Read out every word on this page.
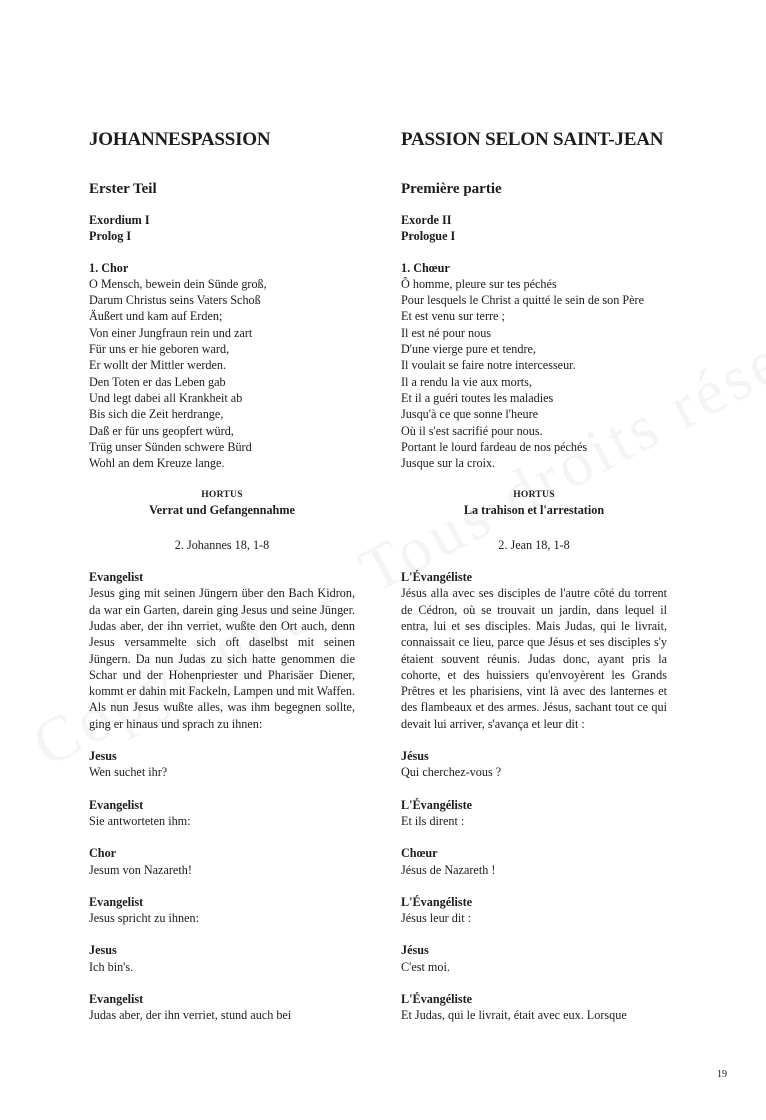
JOHANNESPASSION
Erster Teil
Exordium I
Prolog I
1. Chor
O Mensch, bewein dein Sünde groß,
Darum Christus seins Vaters Schoß
Äußert und kam auf Erden;
Von einer Jungfraun rein und zart
Für uns er hie geboren ward,
Er wollt der Mittler werden.
Den Toten er das Leben gab
Und legt dabei all Krankheit ab
Bis sich die Zeit herdrange,
Daß er für uns geopfert würd,
Trüg unser Sünden schwere Bürd
Wohl an dem Kreuze lange.
HORTUS
Verrat und Gefangennahme
2. Johannes 18, 1-8
Evangelist
Jesus ging mit seinen Jüngern über den Bach Kidron, da war ein Garten, darein ging Jesus und seine Jünger. Judas aber, der ihn verriet, wußte den Ort auch, denn Jesus versammelte sich oft daselbst mit seinen Jüngern. Da nun Judas zu sich hatte genommen die Schar und der Hohenpriester und Pharisäer Diener, kommt er dahin mit Fackeln, Lampen und mit Waffen. Als nun Jesus wußte alles, was ihm begegnen sollte, ging er hinaus und sprach zu ihnen:
Jesus
Wen suchet ihr?
Evangelist
Sie antworteten ihm:
Chor
Jesum von Nazareth!
Evangelist
Jesus spricht zu ihnen:
Jesus
Ich bin's.
Evangelist
Judas aber, der ihn verriet, stund auch bei
PASSION SELON SAINT-JEAN
Première partie
Exorde II
Prologue I
1. Chœur
Ô homme, pleure sur tes péchés
Pour lesquels le Christ a quitté le sein de son Père
Et est venu sur terre ;
Il est né pour nous
D'une vierge pure et tendre,
Il voulait se faire notre intercesseur.
Il a rendu la vie aux morts,
Et il a guéri toutes les maladies
Jusqu'à ce que sonne l'heure
Où il s'est sacrifié pour nous.
Portant le lourd fardeau de nos péchés
Jusque sur la croix.
HORTUS
La trahison et l'arrestation
2. Jean 18, 1-8
L'Évangéliste
Jésus alla avec ses disciples de l'autre côté du torrent de Cédron, où se trouvait un jardin, dans lequel il entra, lui et ses disciples. Mais Judas, qui le livrait, connaissait ce lieu, parce que Jésus et ses disciples s'y étaient souvent réunis. Judas donc, ayant pris la cohorte, et des huissiers qu'envoyèrent les Grands Prêtres et les pharisiens, vint là avec des lanternes et des flambeaux et des armes. Jésus, sachant tout ce qui devait lui arriver, s'avança et leur dit :
Jésus
Qui cherchez-vous ?
L'Évangéliste
Et ils dirent :
Chœur
Jésus de Nazareth !
L'Évangéliste
Jésus leur dit :
Jésus
C'est moi.
L'Évangéliste
Et Judas, qui le livrait, était avec eux. Lorsque
19
